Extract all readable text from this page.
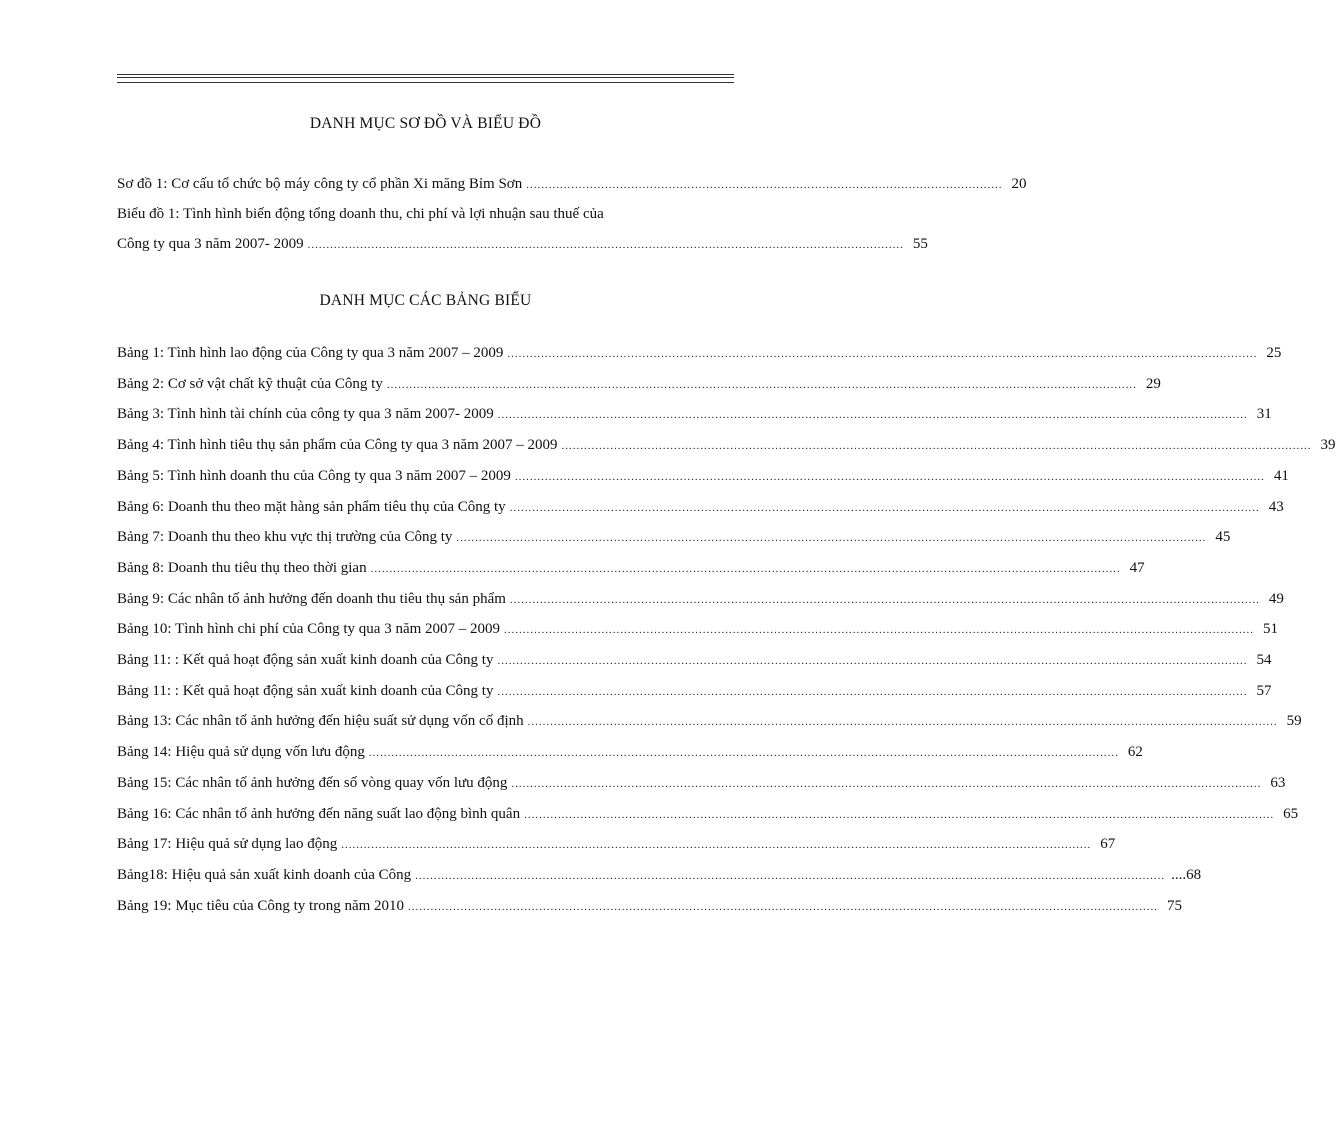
DANH MỤC SƠ ĐỒ VÀ BIỂU ĐỒ
Sơ đồ 1: Cơ cấu tổ chức bộ máy công ty cổ phần Xi măng Bỉm Sơn ............................................................................................................................... 20
Biểu đồ 1: Tình hình biến động tổng doanh thu, chi phí và lợi nhuận sau thuế của
Công ty qua 3 năm 2007- 2009 ............................................................................................................................................................... 55
DANH MỤC CÁC BẢNG BIỂU
Bảng 1: Tình hình lao động của Công ty qua 3 năm 2007 – 2009 ........................................................................................................................................................................................................ 25
Bảng 2: Cơ sở vật chất kỹ thuật của Công ty ........................................................................................................................................................................................................ 29
Bảng 3: Tình hình tài chính của công ty qua 3 năm 2007- 2009 ........................................................................................................................................................................................................ 31
Bảng 4: Tình hình tiêu thụ sản phẩm của Công ty qua 3 năm 2007 – 2009 ........................................................................................................................................................................................................ 39
Bảng 5: Tình hình doanh thu của Công ty qua 3 năm 2007 – 2009 ........................................................................................................................................................................................................ 41
Bảng 6: Doanh thu theo mặt hàng sản phẩm tiêu thụ của Công ty ........................................................................................................................................................................................................ 43
Bảng 7: Doanh thu theo khu vực thị trường của Công ty ........................................................................................................................................................................................................ 45
Bảng 8: Doanh thu tiêu thụ theo thời gian ........................................................................................................................................................................................................ 47
Bảng 9: Các nhân tố ảnh hưởng đến doanh thu tiêu thụ sản phẩm ........................................................................................................................................................................................................ 49
Bảng 10: Tình hình chi phí của Công ty qua 3 năm 2007 – 2009 ........................................................................................................................................................................................................ 51
Bảng 11: : Kết quả hoạt động sản xuất kinh doanh của Công ty ........................................................................................................................................................................................................ 54
Bảng 11: : Kết quả hoạt động sản xuất kinh doanh của Công ty ........................................................................................................................................................................................................ 57
Bảng 13: Các nhân tố ảnh hưởng đến hiệu suất sử dụng vốn cố định ........................................................................................................................................................................................................ 59
Bảng 14: Hiệu quả sử dụng vốn lưu động ........................................................................................................................................................................................................ 62
Bảng 15: Các nhân tố ảnh hưởng đến số vòng quay vốn lưu động ........................................................................................................................................................................................................ 63
Bảng 16: Các nhân tố ảnh hưởng đến năng suất lao động bình quân ........................................................................................................................................................................................................ 65
Bảng 17: Hiệu quả sử dụng lao động ........................................................................................................................................................................................................ 67
Bảng18: Hiệu quả sản xuất kinh doanh của Công ........................................................................................................................................................................................................ ....68
Bảng 19: Mục tiêu của Công ty trong năm 2010 ........................................................................................................................................................................................................ 75
